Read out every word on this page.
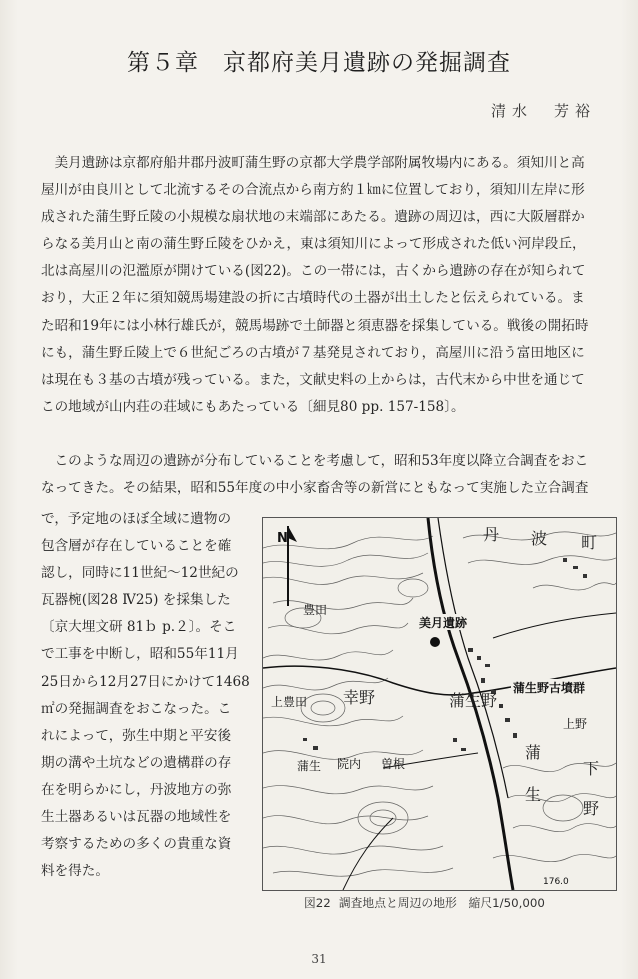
第５章　京都府美月遺跡の発掘調査
清水　芳裕
美月遺跡は京都府船井郡丹波町蒲生野の京都大学農学部附属牧場内にある。須知川と高
屋川が由良川として北流するその合流点から南方約１㎞に位置しており，須知川左岸に形
成された蒲生野丘陵の小規模な扇状地の末端部にあたる。遺跡の周辺は，西に大阪層群か
らなる美月山と南の蒲生野丘陵をひかえ，東は須知川によって形成された低い河岸段丘，
北は高屋川の氾濫原が開けている(図22)。この一帯には，古くから遺跡の存在が知られて
おり，大正２年に須知競馬場建設の折に古墳時代の土器が出土したと伝えられている。ま
た昭和19年には小林行雄氏が，競馬場跡で土師器と須恵器を採集している。戦後の開拓時
にも，蒲生野丘陵上で６世紀ごろの古墳が７基発見されており，高屋川に沿う富田地区に
は現在も３基の古墳が残っている。また，文献史料の上からは，古代末から中世を通じて
この地域が山内荘の荘域にもあたっている〔細見80 pp. 157-158〕。
このような周辺の遺跡が分布していることを考慮して，昭和53年度以降立合調査をおこ
なってきた。その結果，昭和55年度の中小家畜舎等の新営にともなって実施した立合調査
で，予定地のほぼ全域に遺物の
包含層が存在していることを確
認し，同時に11世紀～12世紀の
瓦器椀(図28 Ⅳ25) を採集した
〔京大埋文研 81ｂ p.２〕。そこ
で工事を中断し，昭和55年11月
25日から12月27日にかけて1468
㎡の発掘調査をおこなった。こ
れによって，弥生中期と平安後
期の溝や土坑などの遺構群の存
在を明らかにし，丹波地方の弥
生土器あるいは瓦器の地域性を
考察するための多くの貴重な資
料を得た。
N
美月遺跡
蒲生野古墳群
丹 波 町
豊田
上豊田 幸野	蒲生野
上野
蒲
生
下
野
蒲生 院内 曽根
176.0
図22 調査地点と周辺の地形　縮尺1/50,000
31
